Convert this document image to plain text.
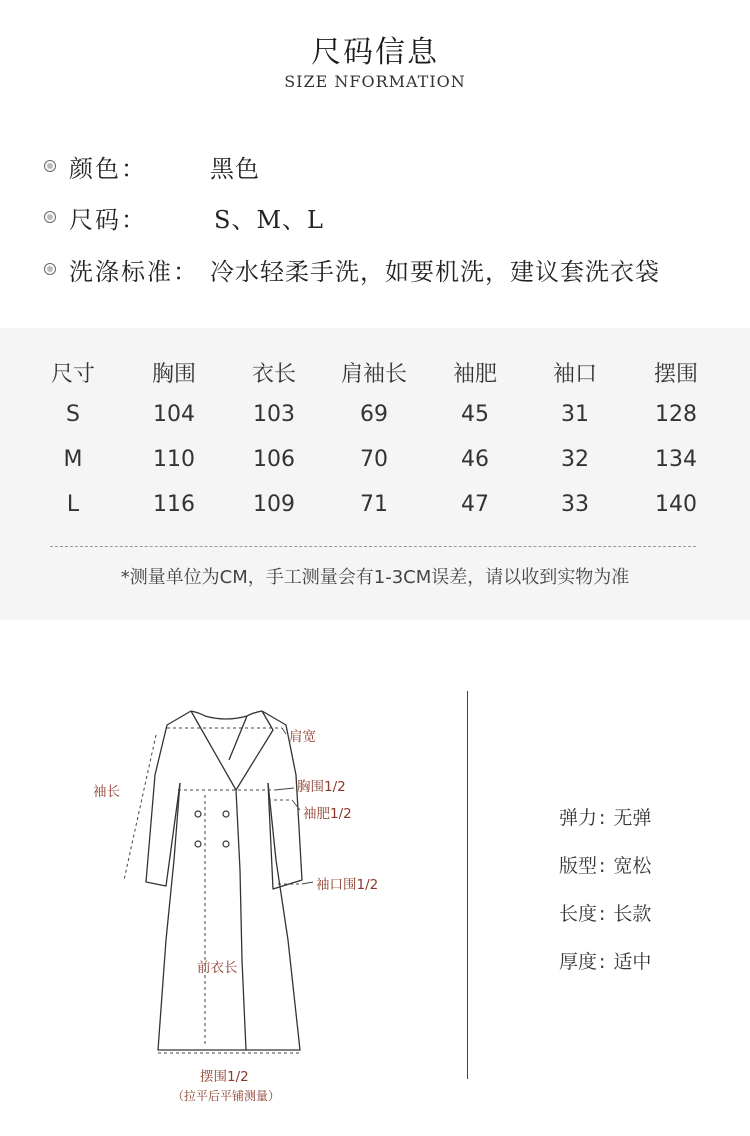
尺码信息
SIZE NFORMATION
颜色：	黑色
尺码：	S、M、L
洗涤标准： 冷水轻柔手洗，如要机洗，建议套洗衣袋
尺寸	胸围	衣长	肩袖长	袖肥	袖口	摆围
S	104	103	69	45	31	128
M	110	106	70	46	32	134
L	116	109	71	47	33	140
*测量单位为CM，手工测量会有1-3CM误差，请以收到实物为准
肩宽
袖长	胸围1/2
袖肥1/2
袖口围1/2
前衣长
摆围1/2
（拉平后平铺测量）
弹力 : 无弹
版型 : 宽松
长度 : 长款
厚度 : 适中
